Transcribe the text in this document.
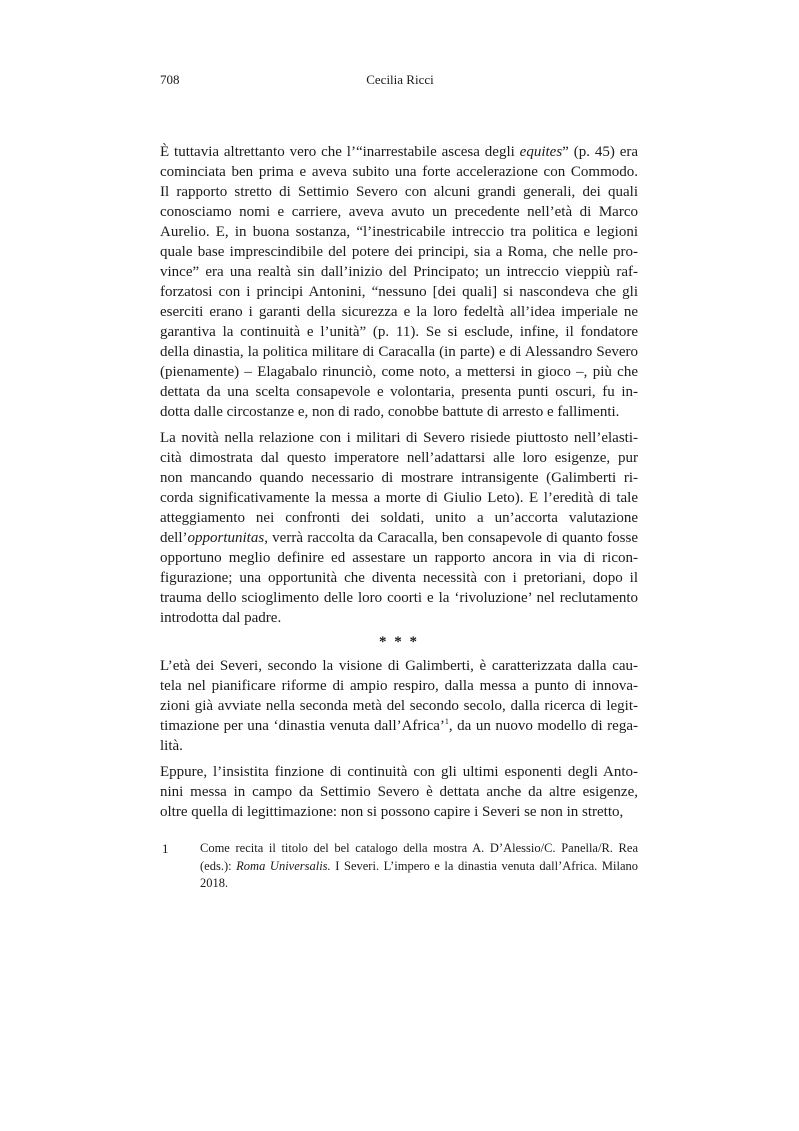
708	Cecilia Ricci
È tuttavia altrettanto vero che l’“inarrestabile ascesa degli equites” (p. 45) era
cominciata ben prima e aveva subito una forte accelerazione con Commodo.
Il rapporto stretto di Settimio Severo con alcuni grandi generali, dei quali
conosciamo nomi e carriere, aveva avuto un precedente nell’età di Marco
Aurelio. E, in buona sostanza, “l’inestricabile intreccio tra politica e legioni
quale base imprescindibile del potere dei principi, sia a Roma, che nelle pro-
vince” era una realtà sin dall’inizio del Principato; un intreccio vieppiù raf-
forzatosi con i principi Antonini, “nessuno [dei quali] si nascondeva che gli
eserciti erano i garanti della sicurezza e la loro fedeltà all’idea imperiale ne
garantiva la continuità e l’unità” (p. 11). Se si esclude, infine, il fondatore
della dinastia, la politica militare di Caracalla (in parte) e di Alessandro Severo
(pienamente) – Elagabalo rinunciò, come noto, a mettersi in gioco –, più che
dettata da una scelta consapevole e volontaria, presenta punti oscuri, fu in-
dotta dalle circostanze e, non di rado, conobbe battute di arresto e fallimenti.
La novità nella relazione con i militari di Severo risiede piuttosto nell’elasti-
cità dimostrata dal questo imperatore nell’adattarsi alle loro esigenze, pur
non mancando quando necessario di mostrare intransigente (Galimberti ri-
corda significativamente la messa a morte di Giulio Leto). E l’eredità di tale
atteggiamento nei confronti dei soldati, unito a un’accorta valutazione
dell’opportunitas, verrà raccolta da Caracalla, ben consapevole di quanto fosse
opportuno meglio definire ed assestare un rapporto ancora in via di ricon-
figurazione; una opportunità che diventa necessità con i pretoriani, dopo il
trauma dello scioglimento delle loro coorti e la ‘rivoluzione’ nel reclutamento
introdotta dal padre.
* * *
L’età dei Severi, secondo la visione di Galimberti, è caratterizzata dalla cau-
tela nel pianificare riforme di ampio respiro, dalla messa a punto di innova-
zioni già avviate nella seconda metà del secondo secolo, dalla ricerca di legit-
timazione per una ‘dinastia venuta dall’Africa’$^1$, da un nuovo modello di rega-
lità.
Eppure, l’insistita finzione di continuità con gli ultimi esponenti degli Anto-
nini messa in campo da Settimio Severo è dettata anche da altre esigenze,
oltre quella di legittimazione: non si possono capire i Severi se non in stretto,
1	Come recita il titolo del bel catalogo della mostra A. D’Alessio/C. Panella/R. Rea
(eds.): Roma Universalis. I Severi. L’impero e la dinastia venuta dall’Africa. Milano
2018.
